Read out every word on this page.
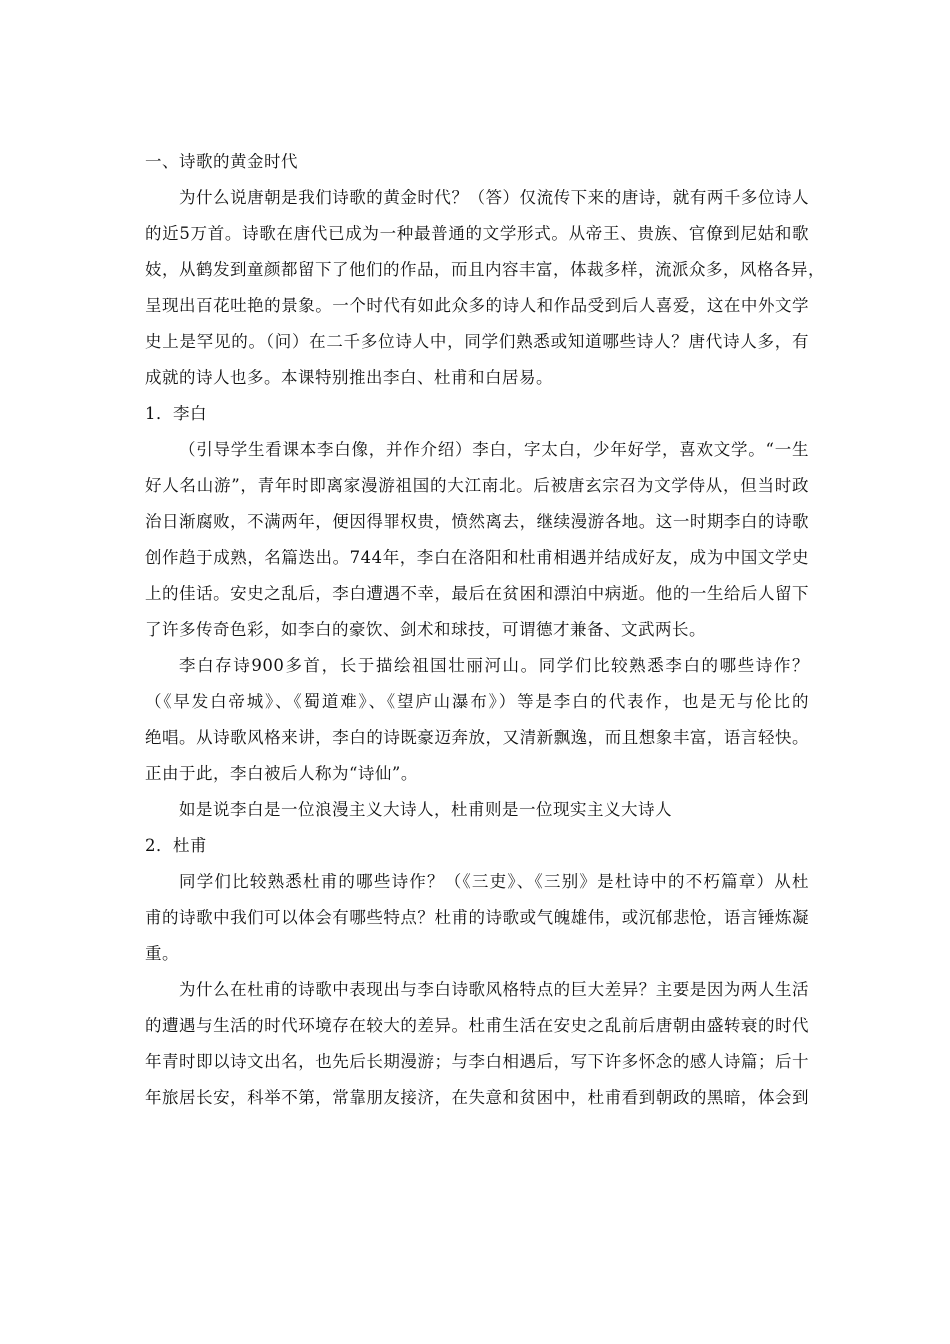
一、诗歌的黄金时代
为什么说唐朝是我们诗歌的黄金时代？（答）仅流传下来的唐诗，就有两千多位诗人
的近5万首。诗歌在唐代已成为一种最普通的文学形式。从帝王、贵族、官僚到尼姑和歌
妓，从鹤发到童颜都留下了他们的作品，而且内容丰富，体裁多样，流派众多，风格各异，
呈现出百花吐艳的景象。一个时代有如此众多的诗人和作品受到后人喜爱，这在中外文学
史上是罕见的。（问）在二千多位诗人中，同学们熟悉或知道哪些诗人？唐代诗人多，有
成就的诗人也多。本课特别推出李白、杜甫和白居易。
1．李白
（引导学生看课本李白像，并作介绍）李白，字太白，少年好学，喜欢文学。“一生
好人名山游”，青年时即离家漫游祖国的大江南北。后被唐玄宗召为文学侍从，但当时政
治日渐腐败，不满两年，便因得罪权贵，愤然离去，继续漫游各地。这一时期李白的诗歌
创作趋于成熟，名篇迭出。744年，李白在洛阳和杜甫相遇并结成好友，成为中国文学史
上的佳话。安史之乱后，李白遭遇不幸，最后在贫困和漂泊中病逝。他的一生给后人留下
了许多传奇色彩，如李白的豪饮、剑术和球技，可谓德才兼备、文武两长。
李白存诗900多首，长于描绘祖国壮丽河山。同学们比较熟悉李白的哪些诗作？
（《早发白帝城》、《蜀道难》、《望庐山瀑布》）等是李白的代表作，也是无与伦比的
绝唱。从诗歌风格来讲，李白的诗既豪迈奔放，又清新飘逸，而且想象丰富，语言轻快。
正由于此，李白被后人称为“诗仙”。
如是说李白是一位浪漫主义大诗人，杜甫则是一位现实主义大诗人
2．杜甫
同学们比较熟悉杜甫的哪些诗作？（《三吏》、《三别》是杜诗中的不朽篇章）从杜
甫的诗歌中我们可以体会有哪些特点？杜甫的诗歌或气魄雄伟，或沉郁悲怆，语言锤炼凝
重。
为什么在杜甫的诗歌中表现出与李白诗歌风格特点的巨大差异？主要是因为两人生活
的遭遇与生活的时代环境存在较大的差异。杜甫生活在安史之乱前后唐朝由盛转衰的时代
年青时即以诗文出名，也先后长期漫游；与李白相遇后，写下许多怀念的感人诗篇；后十
年旅居长安，科举不第，常靠朋友接济，在失意和贫困中，杜甫看到朝政的黑暗，体会到
